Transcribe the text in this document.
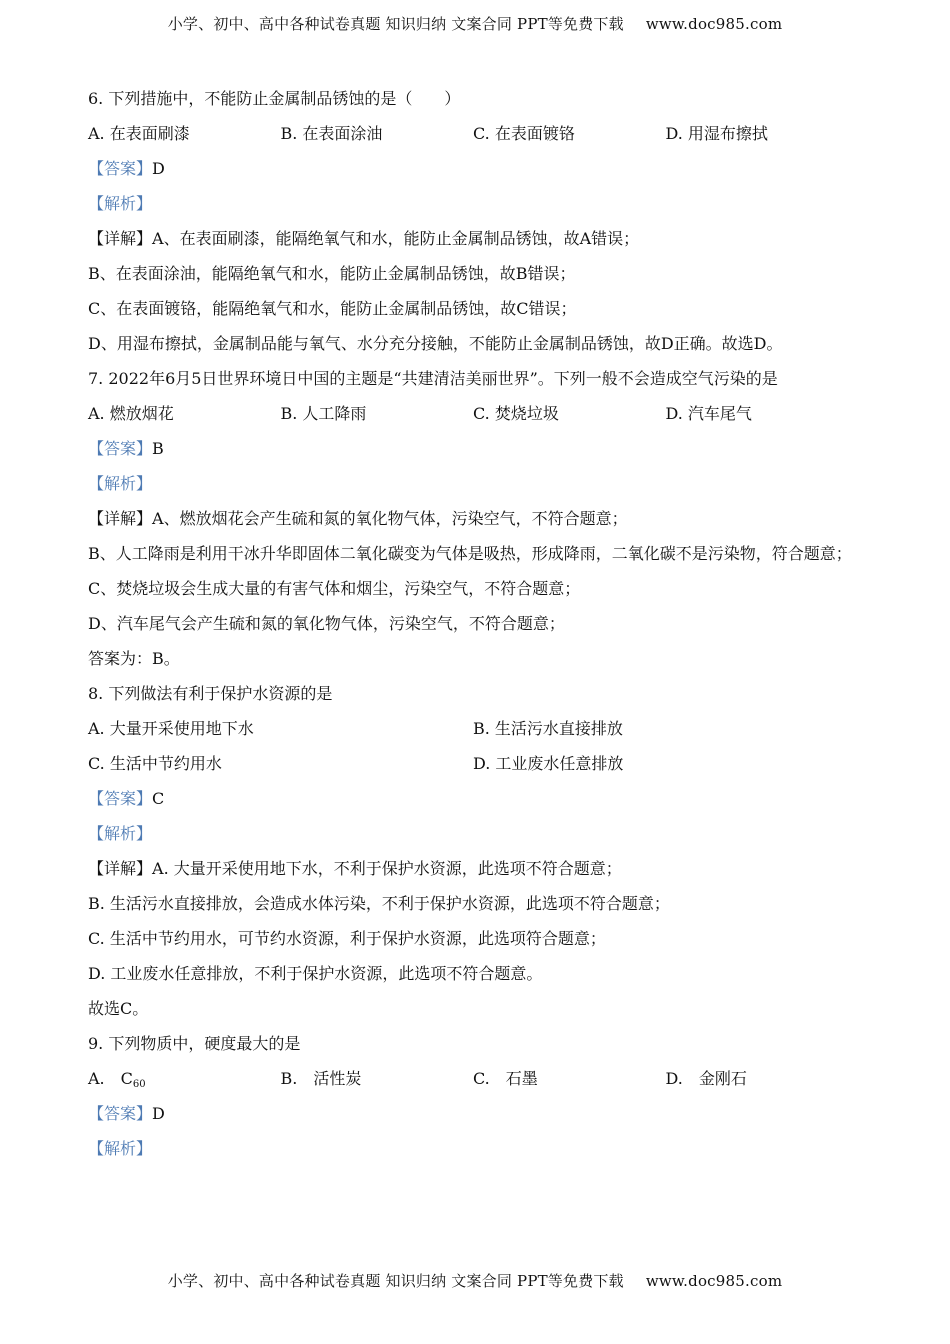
小学、初中、高中各种试卷真题 知识归纳 文案合同 PPT等免费下载 www.doc985.com
6. 下列措施中，不能防止金属制品锈蚀的是（　　）
A. 在表面刷漆	B. 在表面涂油	C. 在表面镀铬	D. 用湿布擦拭
【答案】D
【解析】
【详解】A、在表面刷漆，能隔绝氧气和水，能防止金属制品锈蚀，故A错误；
B、在表面涂油，能隔绝氧气和水，能防止金属制品锈蚀，故B错误；
C、在表面镀铬，能隔绝氧气和水，能防止金属制品锈蚀，故C错误；
D、用湿布擦拭，金属制品能与氧气、水分充分接触，不能防止金属制品锈蚀，故D正确。故选D。
7. 2022年6月5日世界环境日中国的主题是“共建清洁美丽世界”。下列一般不会造成空气污染的是
A. 燃放烟花	B. 人工降雨	C. 焚烧垃圾	D. 汽车尾气
【答案】B
【解析】
【详解】A、燃放烟花会产生硫和氮的氧化物气体，污染空气，不符合题意；
B、人工降雨是利用干冰升华即固体二氧化碳变为气体是吸热，形成降雨，二氧化碳不是污染物，符合题意；
C、焚烧垃圾会生成大量的有害气体和烟尘，污染空气，不符合题意；
D、汽车尾气会产生硫和氮的氧化物气体，污染空气，不符合题意；
答案为：B。
8. 下列做法有利于保护水资源的是
A. 大量开采使用地下水	B. 生活污水直接排放
C. 生活中节约用水	D. 工业废水任意排放
【答案】C
【解析】
【详解】A. 大量开采使用地下水，不利于保护水资源，此选项不符合题意；
B. 生活污水直接排放，会造成水体污染，不利于保护水资源，此选项不符合题意；
C. 生活中节约用水，可节约水资源，利于保护水资源，此选项符合题意；
D. 工业废水任意排放，不利于保护水资源，此选项不符合题意。
故选C。
9. 下列物质中，硬度最大的是
A.　 $C_{60}$	B.　活性炭	C.　石墨	D.　金刚石
【答案】D
【解析】
小学、初中、高中各种试卷真题 知识归纳 文案合同 PPT等免费下载 www.doc985.com
